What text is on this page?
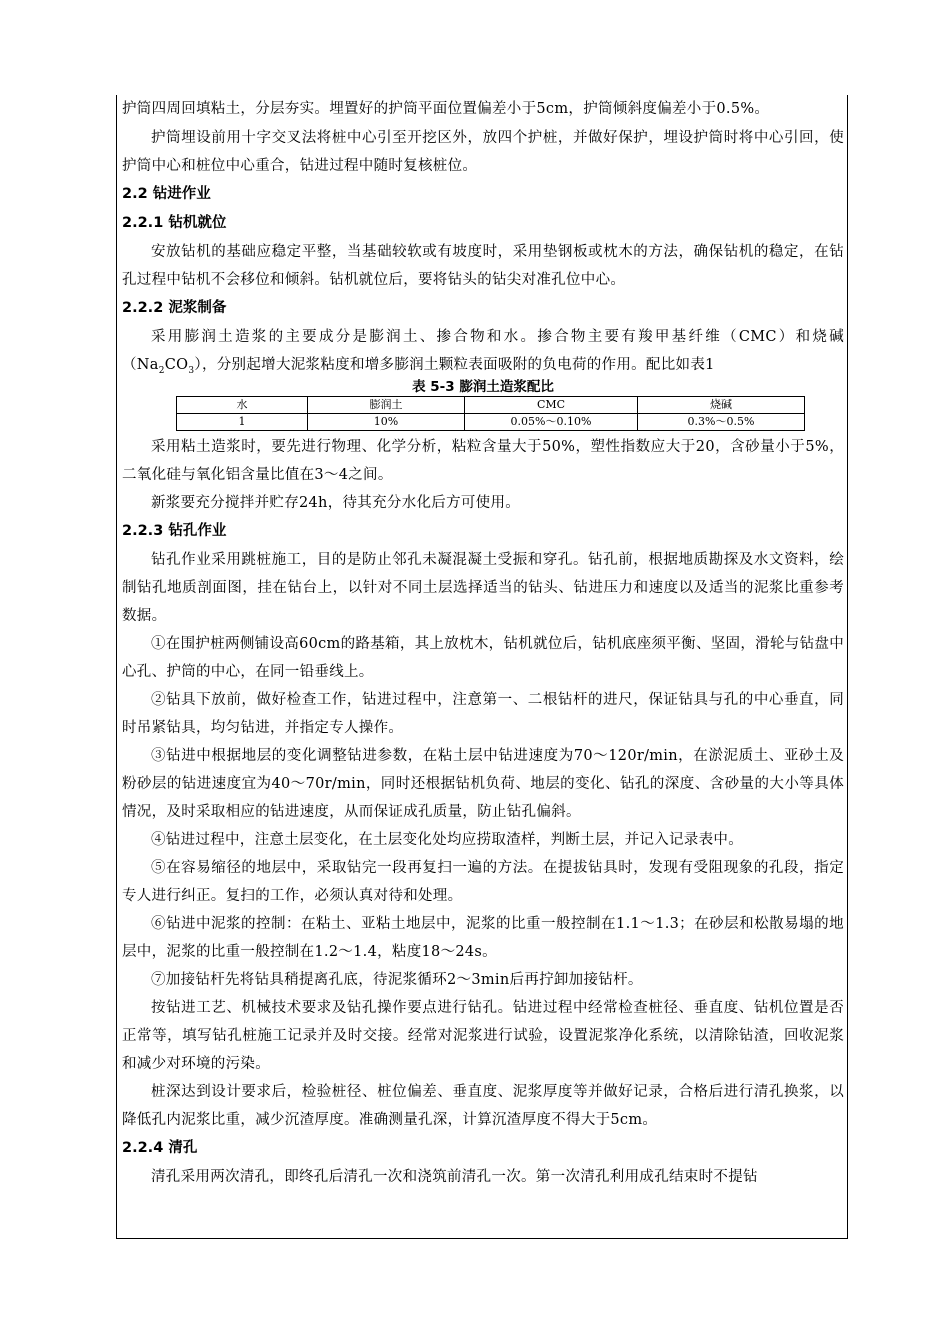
护筒四周回填粘土，分层夯实。埋置好的护筒平面位置偏差小于5cm，护筒倾斜度偏差小于0.5%。

护筒埋设前用十字交叉法将桩中心引至开挖区外，放四个护桩，并做好保护，埋设护筒时将中心引回，使护筒中心和桩位中心重合，钻进过程中随时复核桩位。

2.2 钻进作业

2.2.1 钻机就位

安放钻机的基础应稳定平整，当基础较软或有坡度时，采用垫钢板或枕木的方法，确保钻机的稳定，在钻孔过程中钻机不会移位和倾斜。钻机就位后，要将钻头的钻尖对准孔位中心。

2.2.2 泥浆制备

采用膨润土造浆的主要成分是膨润土、掺合物和水。掺合物主要有羧甲基纤维（CMC）和烧碱$(Na_2CO_3)$，分别起增大泥浆粘度和增多膨润土颗粒表面吸附的负电荷的作用。配比如表1

表 5-3 膨润土造浆配比

水	膨润土	CMC	烧碱
1	10%	0.05%～0.10%	0.3%～0.5%

采用粘土造浆时，要先进行物理、化学分析，粘粒含量大于50%，塑性指数应大于20，含砂量小于5%，二氧化硅与氧化铝含量比值在3～4之间。

新浆要充分搅拌并贮存24h，待其充分水化后方可使用。

2.2.3 钻孔作业

钻孔作业采用跳桩施工，目的是防止邻孔未凝混凝土受振和穿孔。钻孔前，根据地质勘探及水文资料，绘制钻孔地质剖面图，挂在钻台上，以针对不同土层选择适当的钻头、钻进压力和速度以及适当的泥浆比重参考数据。

①在围护桩两侧铺设高60cm的路基箱，其上放枕木，钻机就位后，钻机底座须平衡、坚固，滑轮与钻盘中心孔、护筒的中心，在同一铅垂线上。

②钻具下放前，做好检查工作，钻进过程中，注意第一、二根钻杆的进尺，保证钻具与孔的中心垂直，同时吊紧钻具，均匀钻进，并指定专人操作。

③钻进中根据地层的变化调整钻进参数，在粘土层中钻进速度为70～120r/min，在淤泥质土、亚砂土及粉砂层的钻进速度宜为40～70r/min，同时还根据钻机负荷、地层的变化、钻孔的深度、含砂量的大小等具体情况，及时采取相应的钻进速度，从而保证成孔质量，防止钻孔偏斜。

④钻进过程中，注意土层变化，在土层变化处均应捞取渣样，判断土层，并记入记录表中。

⑤在容易缩径的地层中，采取钻完一段再复扫一遍的方法。在提拔钻具时，发现有受阻现象的孔段，指定专人进行纠正。复扫的工作，必须认真对待和处理。

⑥钻进中泥浆的控制：在粘土、亚粘土地层中，泥浆的比重一般控制在1.1～1.3；在砂层和松散易塌的地层中，泥浆的比重一般控制在1.2～1.4，粘度18～24s。

⑦加接钻杆先将钻具稍提离孔底，待泥浆循环2～3min后再拧卸加接钻杆。

按钻进工艺、机械技术要求及钻孔操作要点进行钻孔。钻进过程中经常检查桩径、垂直度、钻机位置是否正常等，填写钻孔桩施工记录并及时交接。经常对泥浆进行试验，设置泥浆净化系统，以清除钻渣，回收泥浆和减少对环境的污染。

桩深达到设计要求后，检验桩径、桩位偏差、垂直度、泥浆厚度等并做好记录，合格后进行清孔换浆，以降低孔内泥浆比重，减少沉渣厚度。准确测量孔深，计算沉渣厚度不得大于5cm。

2.2.4 清孔

清孔采用两次清孔，即终孔后清孔一次和浇筑前清孔一次。第一次清孔利用成孔结束时不提钻
